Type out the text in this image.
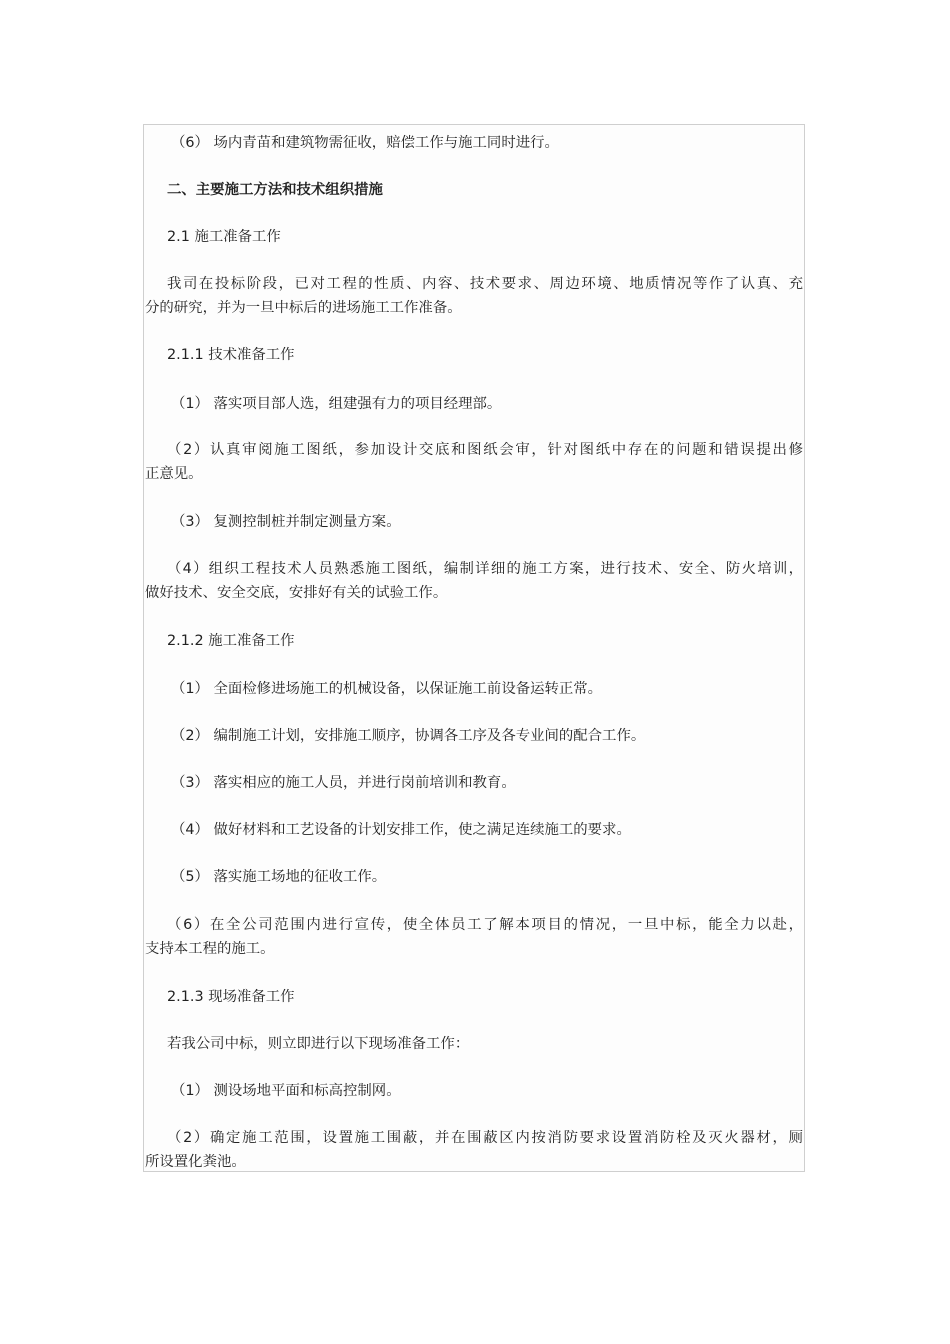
（6） 场内青苗和建筑物需征收，赔偿工作与施工同时进行。
二、主要施工方法和技术组织措施
2.1 施工准备工作
我司在投标阶段，已对工程的性质、内容、技术要求、周边环境、地质情况等作了认真、充
分的研究，并为一旦中标后的进场施工工作准备。
2.1.1 技术准备工作
（1） 落实项目部人选，组建强有力的项目经理部。
（2）认真审阅施工图纸，参加设计交底和图纸会审，针对图纸中存在的问题和错误提出修
正意见。
（3） 复测控制桩并制定测量方案。
（4）组织工程技术人员熟悉施工图纸，编制详细的施工方案，进行技术、安全、防火培训，
做好技术、安全交底，安排好有关的试验工作。
2.1.2 施工准备工作
（1） 全面检修进场施工的机械设备，以保证施工前设备运转正常。
（2） 编制施工计划，安排施工顺序，协调各工序及各专业间的配合工作。
（3） 落实相应的施工人员，并进行岗前培训和教育。
（4） 做好材料和工艺设备的计划安排工作，使之满足连续施工的要求。
（5） 落实施工场地的征收工作。
（6）在全公司范围内进行宣传，使全体员工了解本项目的情况，一旦中标，能全力以赴，
支持本工程的施工。
2.1.3 现场准备工作
若我公司中标，则立即进行以下现场准备工作：
（1） 测设场地平面和标高控制网。
（2）确定施工范围，设置施工围蔽，并在围蔽区内按消防要求设置消防栓及灭火器材，厕
所设置化粪池。
